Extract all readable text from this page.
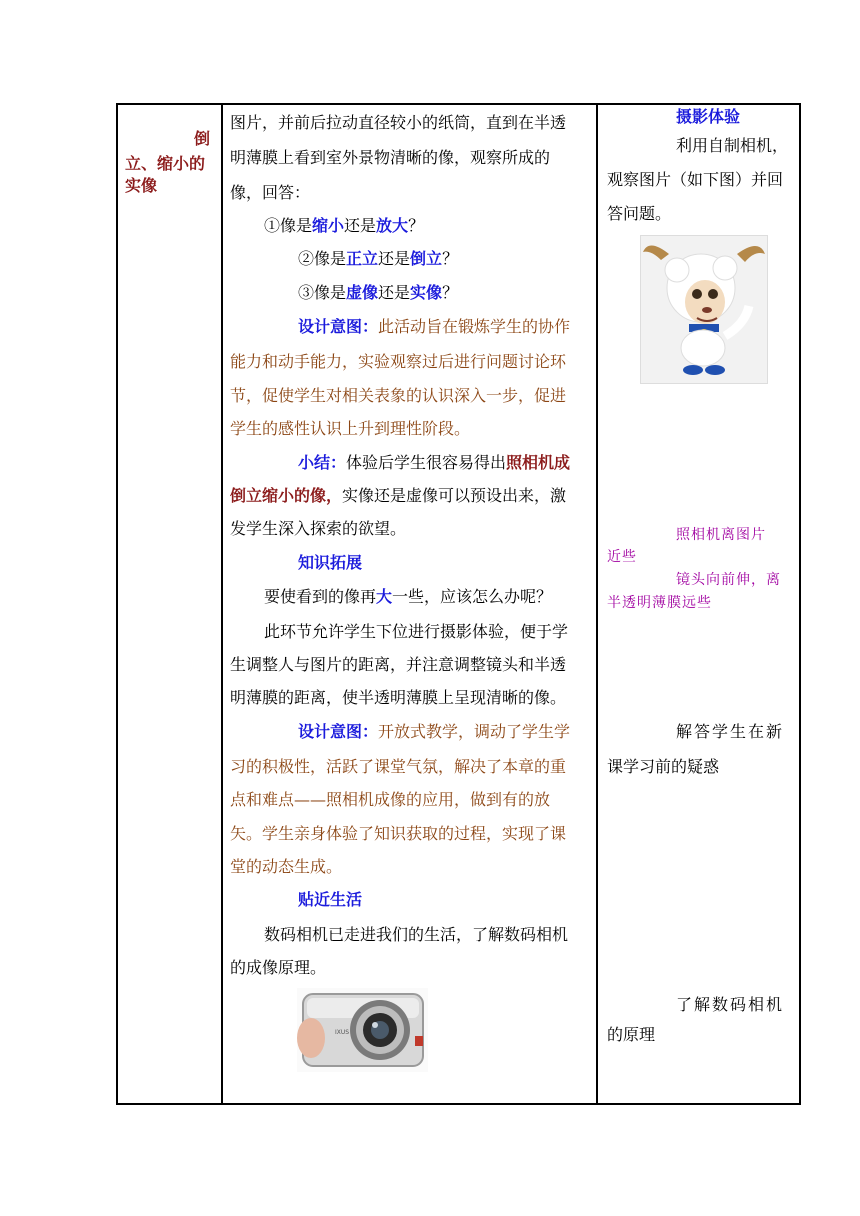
倒
立、缩小的
实像
图片，并前后拉动直径较小的纸筒，直到在半透
明薄膜上看到室外景物清晰的像，观察所成的
像，回答：
①像是缩小还是放大？
②像是正立还是倒立？
③像是虚像还是实像？
设计意图：此活动旨在锻炼学生的协作
能力和动手能力，实验观察过后进行问题讨论环
节，促使学生对相关表象的认识深入一步，促进
学生的感性认识上升到理性阶段。
小结：体验后学生很容易得出照相机成
倒立缩小的像，实像还是虚像可以预设出来，激
发学生深入探索的欲望。
知识拓展
要使看到的像再大一些，应该怎么办呢？
此环节允许学生下位进行摄影体验，便于学
生调整人与图片的距离，并注意调整镜头和半透
明薄膜的距离，使半透明薄膜上呈现清晰的像。
设计意图：开放式教学，调动了学生学
习的积极性，活跃了课堂气氛，解决了本章的重
点和难点——照相机成像的应用，做到有的放
矢。学生亲身体验了知识获取的过程，实现了课
堂的动态生成。
贴近生活
数码相机已走进我们的生活，了解数码相机
的成像原理。
IXUS
摄影体验
利用自制相机，
观察图片（如下图）并回
答问题。
照相机离图片
近些
镜头向前伸，离
半透明薄膜远些
解答学生在新
课学习前的疑惑
了解数码相机
的原理
